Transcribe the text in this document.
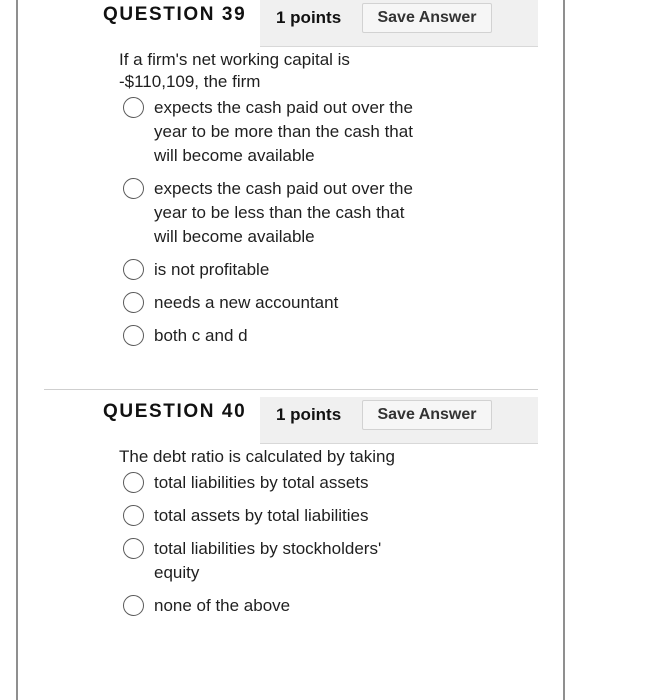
QUESTION 39 1 points	Save Answer

If a firm's net working capital is -$110,109, the firm

expects the cash paid out over the year to be more than the cash that will become available
expects the cash paid out over the year to be less than the cash that will become available
is not profitable
needs a new accountant
both c and d
QUESTION 40 1 points	Save Answer

The debt ratio is calculated by taking

total liabilities by total assets
total assets by total liabilities
total liabilities by stockholders' equity
none of the above
